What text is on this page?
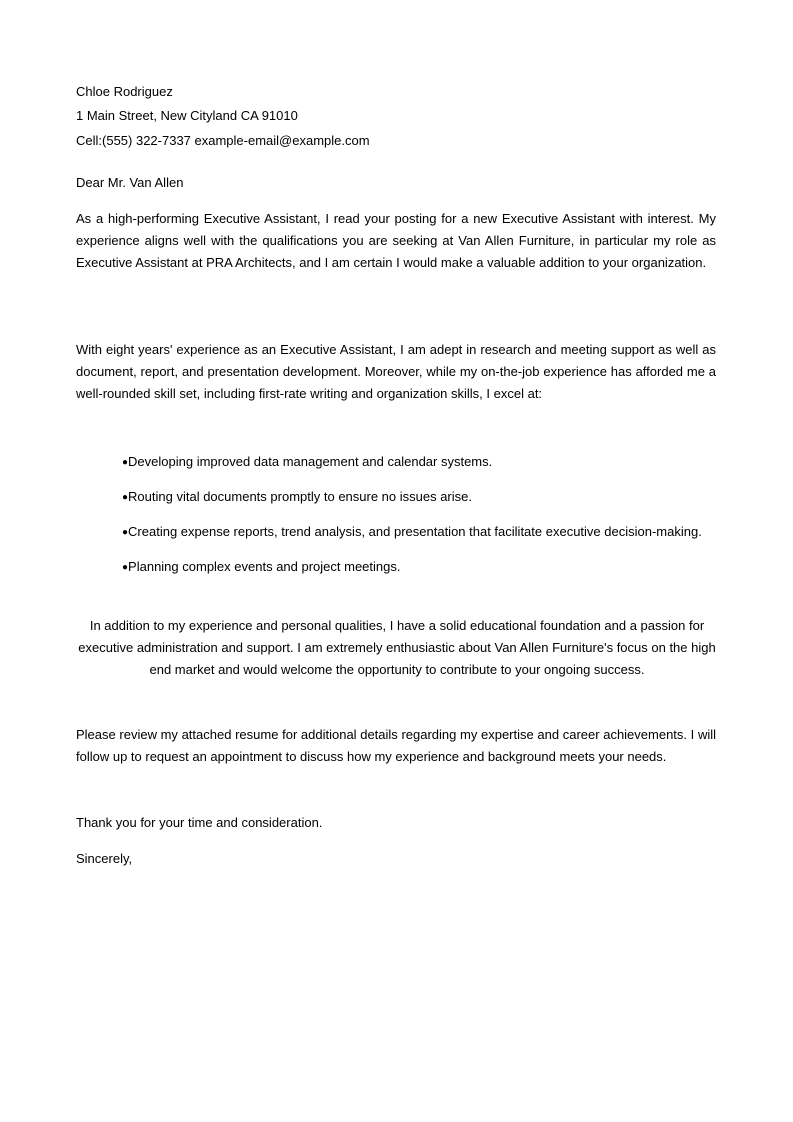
Chloe Rodriguez

1 Main Street, New Cityland CA 91010

Cell:(555) 322-7337 example-email@example.com

Dear Mr. Van Allen

As a high-performing Executive Assistant, I read your posting for a new Executive Assistant with interest. My experience aligns well with the qualifications you are seeking at Van Allen Furniture, in particular my role as Executive Assistant at PRA Architects, and I am certain I would make a valuable addition to your organization.

With eight years' experience as an Executive Assistant, I am adept in research and meeting support as well as document, report, and presentation development. Moreover, while my on-the-job experience has afforded me a well-rounded skill set, including first-rate writing and organization skills, I excel at:

●Developing improved data management and calendar systems.

●Routing vital documents promptly to ensure no issues arise.

●Creating expense reports, trend analysis, and presentation that facilitate executive decision-making.

●Planning complex events and project meetings.

In addition to my experience and personal qualities, I have a solid educational foundation and a passion for executive administration and support. I am extremely enthusiastic about Van Allen Furniture's focus on the high end market and would welcome the opportunity to contribute to your ongoing success.

Please review my attached resume for additional details regarding my expertise and career achievements. I will follow up to request an appointment to discuss how my experience and background meets your needs.

Thank you for your time and consideration.

Sincerely,
